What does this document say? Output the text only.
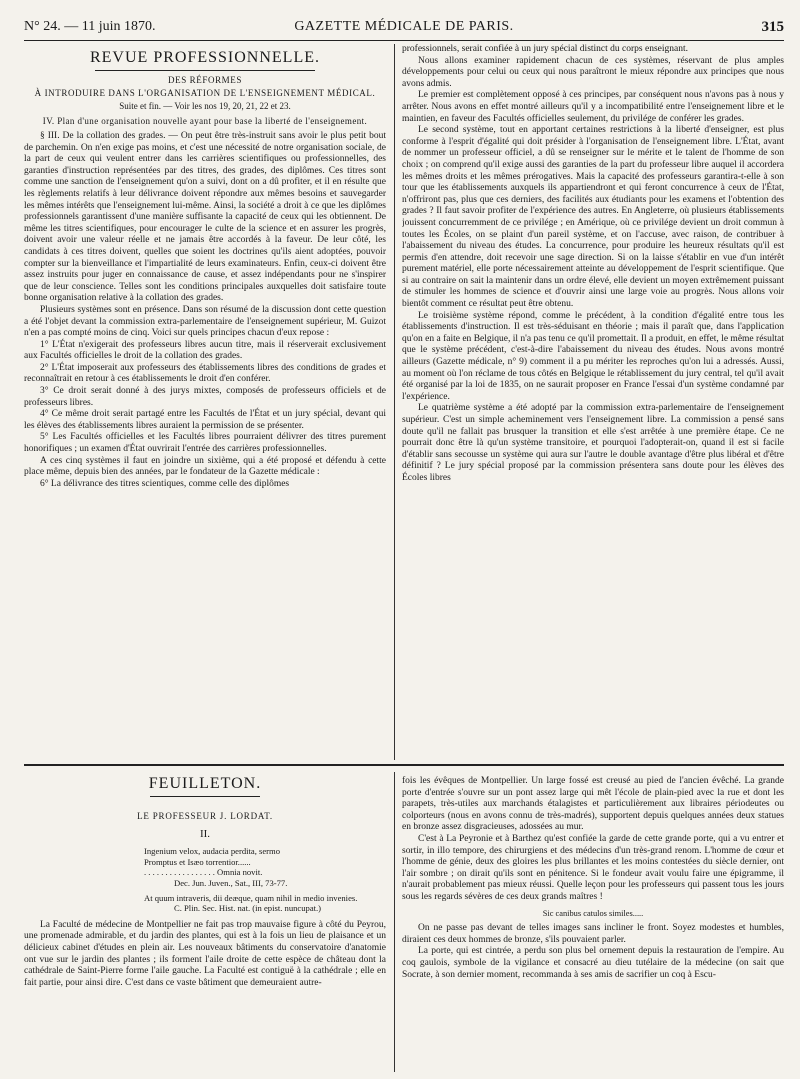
N° 24. — 11 juin 1870.	GAZETTE MÉDICALE DE PARIS.	315
REVUE PROFESSIONNELLE.

DES RÉFORMES

À INTRODUIRE DANS L'ORGANISATION DE L'ENSEIGNEMENT MÉDICAL.

Suite et fin. — Voir les nos 19, 20, 21, 22 et 23.

IV. Plan d'une organisation nouvelle ayant pour base la liberté de l'enseignement.

§ III. De la collation des grades. — On peut être très-instruit sans avoir le plus petit bout de parchemin. On n'en exige pas moins, et c'est une nécessité de notre organisation sociale, de la part de ceux qui veulent entrer dans les carrières scientifiques ou professionnelles, des garanties d'instruction représentées par des titres, des grades, des diplômes. Ces titres sont comme une sanction de l'enseignement qu'on a suivi, dont on a dû profiter, et il en résulte que les règlements relatifs à leur délivrance doivent répondre aux mêmes besoins et sauvegarder les mêmes intérêts que l'enseignement lui-même. Ainsi, la société a droit à ce que les diplômes professionnels garantissent d'une manière suffisante la capacité de ceux qui les obtiennent. De même les titres scientifiques, pour encourager le culte de la science et en assurer les progrès, doivent avoir une valeur réelle et ne jamais être accordés à la faveur. De leur côté, les candidats à ces titres doivent, quelles que soient les doctrines qu'ils aient adoptées, pouvoir compter sur la bienveillance et l'impartialité de leurs examinateurs. Enfin, ceux-ci doivent être assez instruits pour juger en connaissance de cause, et assez indépendants pour ne s'inspirer que de leur conscience. Telles sont les conditions principales auxquelles doit satisfaire toute bonne organisation relative à la collation des grades.

Plusieurs systèmes sont en présence. Dans son résumé de la discussion dont cette question a été l'objet devant la commission extra-parlementaire de l'enseignement supérieur, M. Guizot n'en a pas compté moins de cinq. Voici sur quels principes chacun d'eux repose :

1° L'État n'exigerait des professeurs libres aucun titre, mais il réserverait exclusivement aux Facultés officielles le droit de la collation des grades.

2° L'État imposerait aux professeurs des établissements libres des conditions de grades et reconnaîtrait en retour à ces établissements le droit d'en conférer.

3° Ce droit serait donné à des jurys mixtes, composés de professeurs officiels et de professeurs libres.

4° Ce même droit serait partagé entre les Facultés de l'État et un jury spécial, devant qui les élèves des établissements libres auraient la permission de se présenter.

5° Les Facultés officielles et les Facultés libres pourraient délivrer des titres purement honorifiques ; un examen d'État ouvrirait l'entrée des carrières professionnelles.

A ces cinq systèmes il faut en joindre un sixième, qui a été proposé et défendu à cette place même, depuis bien des années, par le fondateur de la Gazette médicale :

6° La délivrance des titres scientiques, comme celle des diplômes

professionnels, serait confiée à un jury spécial distinct du corps enseignant.

Nous allons examiner rapidement chacun de ces systèmes, réservant de plus amples développements pour celui ou ceux qui nous paraîtront le mieux répondre aux principes que nous avons admis.

Le premier est complètement opposé à ces principes, par conséquent nous n'avons pas à nous y arrêter. Nous avons en effet montré ailleurs qu'il y a incompatibilité entre l'enseignement libre et le maintien, en faveur des Facultés officielles seulement, du privilége de conférer les grades.

Le second système, tout en apportant certaines restrictions à la liberté d'enseigner, est plus conforme à l'esprit d'égalité qui doit présider à l'organisation de l'enseignement libre. L'État, avant de nommer un professeur officiel, a dû se renseigner sur le mérite et le talent de l'homme de son choix ; on comprend qu'il exige aussi des garanties de la part du professeur libre auquel il accordera les mêmes droits et les mêmes prérogatives. Mais la capacité des professeurs garantira-t-elle à son tour que les établissements auxquels ils appartiendront et qui feront concurrence à ceux de l'État, n'offriront pas, plus que ces derniers, des facilités aux étudiants pour les examens et l'obtention des grades ? Il faut savoir profiter de l'expérience des autres. En Angleterre, où plusieurs établissements jouissent concurremment de ce privilége ; en Amérique, où ce privilége devient un droit commun à toutes les Écoles, on se plaint d'un pareil système, et on l'accuse, avec raison, de contribuer à l'abaissement du niveau des études. La concurrence, pour produire les heureux résultats qu'il est permis d'en attendre, doit recevoir une sage direction. Si on la laisse s'établir en vue d'un intérêt purement matériel, elle porte nécessairement atteinte au développement de l'esprit scientifique. Que si au contraire on sait la maintenir dans un ordre élevé, elle devient un moyen extrêmement puissant de stimuler les hommes de science et d'ouvrir ainsi une large voie au progrès. Nous allons voir bientôt comment ce résultat peut être obtenu.

Le troisième système répond, comme le précédent, à la condition d'égalité entre tous les établissements d'instruction. Il est très-séduisant en théorie ; mais il paraît que, dans l'application qu'on en a faite en Belgique, il n'a pas tenu ce qu'il promettait. Il a produit, en effet, le même résultat que le système précédent, c'est-à-dire l'abaissement du niveau des études. Nous avons montré ailleurs (Gazette médicale, n° 9) comment il a pu mériter les reproches qu'on lui a adressés. Aussi, au moment où l'on réclame de tous côtés en Belgique le rétablissement du jury central, tel qu'il avait été organisé par la loi de 1835, on ne saurait proposer en France l'essai d'un système condamné par l'expérience.

Le quatrième système a été adopté par la commission extra-parlementaire de l'enseignement supérieur. C'est un simple acheminement vers l'enseignement libre. La commission a pensé sans doute qu'il ne fallait pas brusquer la transition et elle s'est arrêtée à une première étape. Ce ne pourrait donc être là qu'un système transitoire, et pourquoi l'adopterait-on, quand il est si facile d'établir sans secousse un système qui aura sur l'autre le double avantage d'être plus libéral et d'être définitif ? Le jury spécial proposé par la commission présentera sans doute pour les élèves des Écoles libres

FEUILLETON.

LE PROFESSEUR J. LORDAT.

II.

Ingenium velox, audacia perdita, sermo

Promptus et Isæo torrentior......

. . . . . . . . . . . . . . . . . Omnia novit.

Dec. Jun. Juven., Sat., III, 73-77.

At quum intraveris, dii deæque, quam nihil in medio invenies.

C. Plin. Sec. Hist. nat. (in epist. nuncupat.)

La Faculté de médecine de Montpellier ne fait pas trop mauvaise figure à côté du Peyrou, une promenade admirable, et du jardin des plantes, qui est à la fois un lieu de plaisance et un délicieux cabinet d'études en plein air. Les nouveaux bâtiments du conservatoire d'anatomie ont vue sur le jardin des plantes ; ils forment l'aile droite de cette espèce de château dont la cathédrale de Saint-Pierre forme l'aile gauche. La Faculté est contiguë à la cathédrale ; elle en fait partie, pour ainsi dire. C'est dans ce vaste bâtiment que demeuraient autre-

fois les évêques de Montpellier. Un large fossé est creusé au pied de l'ancien évêché. La grande porte d'entrée s'ouvre sur un pont assez large qui mêt l'école de plain-pied avec la rue et dont les parapets, très-utiles aux marchands étalagistes et particulièrement aux libraires périodeutes ou colporteurs (nous en avons connu de très-madrés), supportent depuis quelques années deux statues en bronze assez disgracieuses, adossées au mur.

C'est à La Peyronie et à Barthez qu'est confiée la garde de cette grande porte, qui a vu entrer et sortir, in illo tempore, des chirurgiens et des médecins d'un très-grand renom. L'homme de cœur et l'homme de génie, deux des gloires les plus brillantes et les moins contestées du siècle dernier, ont l'air sombre ; on dirait qu'ils sont en pénitence. Si le fondeur avait voulu faire une épigramme, il n'aurait probablement pas mieux réussi. Quelle leçon pour les professeurs qui passent tous les jours sous les regards sévères de ces deux grands maîtres !

Sic canibus catulos similes.....

On ne passe pas devant de telles images sans incliner le front. Soyez modestes et humbles, diraient ces deux hommes de bronze, s'ils pouvaient parler.

La porte, qui est cintrée, a perdu son plus bel ornement depuis la restauration de l'empire. Au coq gaulois, symbole de la vigilance et consacré au dieu tutélaire de la médecine (on sait que Socrate, à son dernier moment, recommanda à ses amis de sacrifier un coq à Escu-
